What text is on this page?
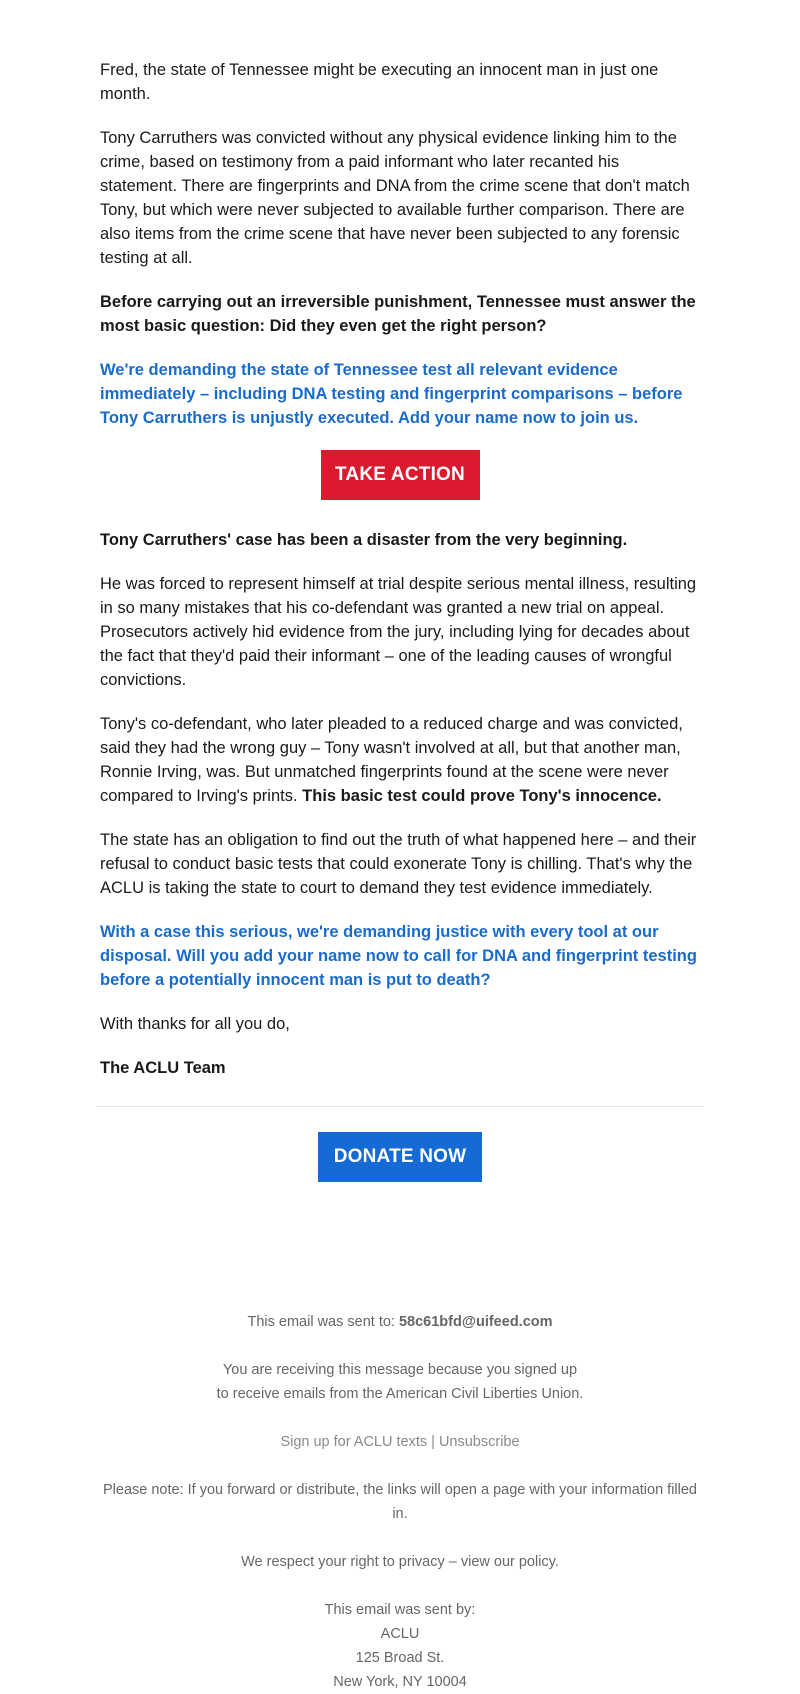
Fred, the state of Tennessee might be executing an innocent man in just one month.

Tony Carruthers was convicted without any physical evidence linking him to the crime, based on testimony from a paid informant who later recanted his statement. There are fingerprints and DNA from the crime scene that don't match Tony, but which were never subjected to available further comparison. There are also items from the crime scene that have never been subjected to any forensic testing at all.

Before carrying out an irreversible punishment, Tennessee must answer the most basic question: Did they even get the right person?

We're demanding the state of Tennessee test all relevant evidence immediately – including DNA testing and fingerprint comparisons – before Tony Carruthers is unjustly executed. Add your name now to join us.

TAKE ACTION

Tony Carruthers' case has been a disaster from the very beginning.

He was forced to represent himself at trial despite serious mental illness, resulting in so many mistakes that his co-defendant was granted a new trial on appeal. Prosecutors actively hid evidence from the jury, including lying for decades about the fact that they'd paid their informant – one of the leading causes of wrongful convictions.

Tony's co-defendant, who later pleaded to a reduced charge and was convicted, said they had the wrong guy – Tony wasn't involved at all, but that another man, Ronnie Irving, was. But unmatched fingerprints found at the scene were never compared to Irving's prints. This basic test could prove Tony's innocence.

The state has an obligation to find out the truth of what happened here – and their refusal to conduct basic tests that could exonerate Tony is chilling. That's why the ACLU is taking the state to court to demand they test evidence immediately.

With a case this serious, we're demanding justice with every tool at our disposal. Will you add your name now to call for DNA and fingerprint testing before a potentially innocent man is put to death?

With thanks for all you do,

The ACLU Team

DONATE NOW

This email was sent to: 58c61bfd@uifeed.com

You are receiving this message because you signed up
to receive emails from the American Civil Liberties Union.

Sign up for ACLU texts | Unsubscribe

Please note: If you forward or distribute, the links will open a page with your information filled in.

We respect your right to privacy – view our policy.

This email was sent by:

ACLU

125 Broad St.

New York, NY 10004
